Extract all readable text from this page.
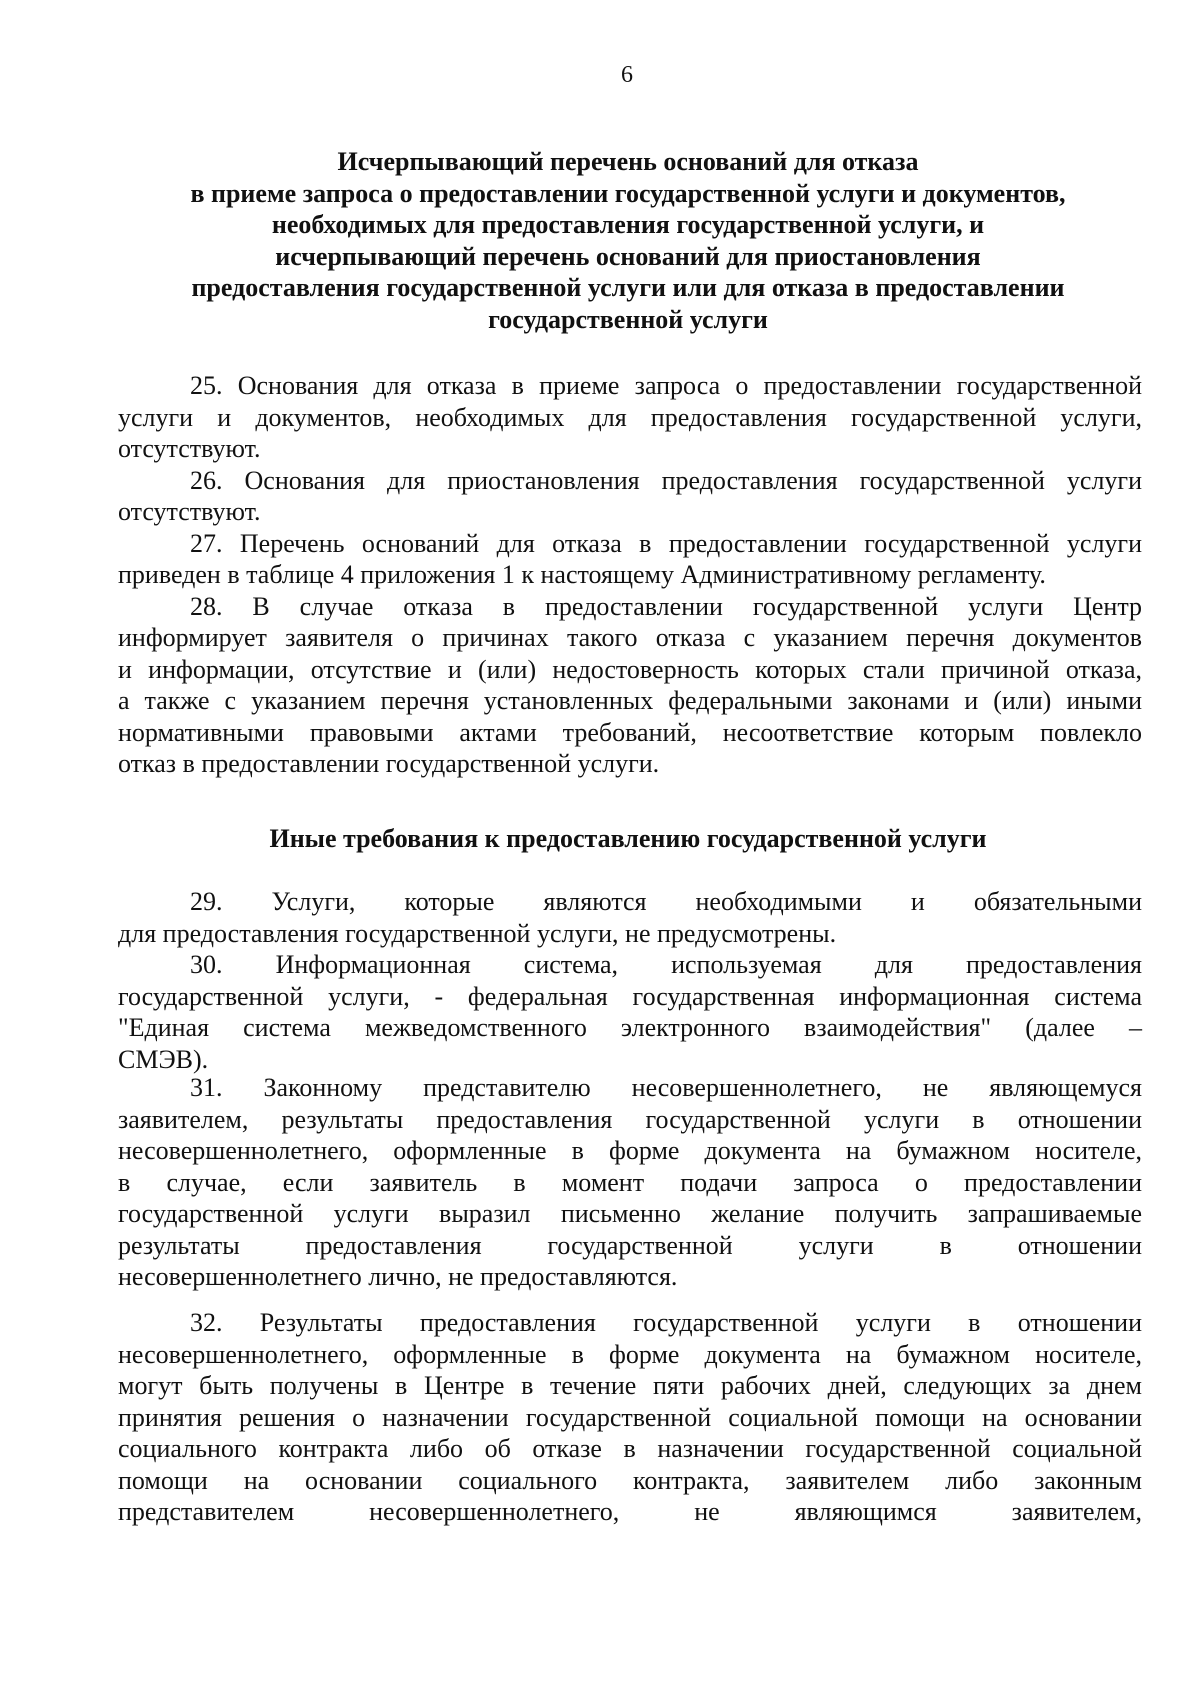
6
Исчерпывающий перечень оснований для отказа
в приеме запроса о предоставлении государственной услуги и документов,
необходимых для предоставления государственной услуги, и
исчерпывающий перечень оснований для приостановления
предоставления государственной услуги или для отказа в предоставлении
государственной услуги
25. Основания для отказа в приеме запроса о предоставлении государственной
услуги и документов, необходимых для предоставления государственной услуги,
отсутствуют.
26. Основания для приостановления предоставления государственной услуги
отсутствуют.
27. Перечень оснований для отказа в предоставлении государственной услуги
приведен в таблице 4 приложения 1 к настоящему Административному регламенту.
28. В случае отказа в предоставлении государственной услуги Центр
информирует заявителя о причинах такого отказа с указанием перечня документов
и информации, отсутствие и (или) недостоверность которых стали причиной отказа,
а также с указанием перечня установленных федеральными законами и (или) иными
нормативными правовыми актами требований, несоответствие которым повлекло
отказ в предоставлении государственной услуги.
Иные требования к предоставлению государственной услуги
29. Услуги, которые являются необходимыми и обязательными
для предоставления государственной услуги, не предусмотрены.
30. Информационная система, используемая для предоставления
государственной услуги, - федеральная государственная информационная система
"Единая система межведомственного электронного взаимодействия" (далее –
СМЭВ).
31. Законному представителю несовершеннолетнего, не являющемуся
заявителем, результаты предоставления государственной услуги в отношении
несовершеннолетнего, оформленные в форме документа на бумажном носителе,
в случае, если заявитель в момент подачи запроса о предоставлении
государственной услуги выразил письменно желание получить запрашиваемые
результаты предоставления государственной услуги в отношении
несовершеннолетнего лично, не предоставляются.
32. Результаты предоставления государственной услуги в отношении
несовершеннолетнего, оформленные в форме документа на бумажном носителе,
могут быть получены в Центре в течение пяти рабочих дней, следующих за днем
принятия решения о назначении государственной социальной помощи на основании
социального контракта либо об отказе в назначении государственной социальной
помощи на основании социального контракта, заявителем либо законным
представителем несовершеннолетнего, не являющимся заявителем,
